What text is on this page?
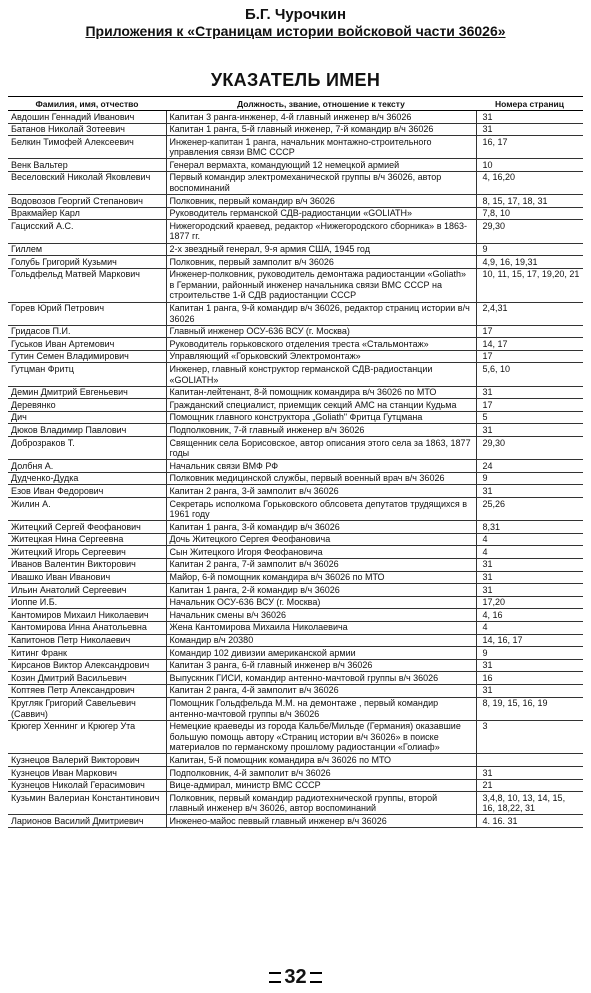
Б.Г. Чурочкин
Приложения к «Страницам истории войсковой части 36026»
УКАЗАТЕЛЬ ИМЕН
Фамилия, имя, отчество	Должность, звание, отношение к тексту	Номера страниц
Авдошин Геннадий Иванович	Капитан 3 ранга-инженер, 4-й главный инженер в/ч 36026	31
Батанов Николай Зотеевич	Капитан 1 ранга, 5-й главный инженер, 7-й командир в/ч 36026	31
Белкин Тимофей Алексеевич	Инженер-капитан 1 ранга, начальник монтажно-строительного управления связи ВМС СССР	16, 17
Венк Вальтер	Генерал вермахта, командующий 12 немецкой армией	10
Веселовский Николай Яковлевич	Первый командир электромеханической группы в/ч 36026, автор воспоминаний	4, 16,20
Водовозов Георгий Степанович	Полковник, первый командир в/ч 36026	8, 15, 17, 18, 31
Вракмайер Карл	Руководитель германской СДВ-радиостанции «GOLIATH»	7,8, 10
Гацисский А.С.	Нижегородский краевед, редактор «Нижегородского сборника» в 1863- 1877 гг.	29,30
Гиллем	2-х звездный генерал, 9-я армия США, 1945 год	9
Голубь Григорий Кузьмич	Полковник, первый замполит в/ч 36026	4,9, 16, 19,31
Гольдфельд Матвей Маркович	Инженер-полковник, руководитель демонтажа радиостанции «Goliath» в Германии, районный инженер начальника связи ВМС СССР на строительстве 1-й СДВ радиостанции СССР	10, 11, 15, 17, 19,20, 21
Горев Юрий Петрович	Капитан 1 ранга, 9-й командир в/ч 36026, редактор страниц истории в/ч 36026	2,4,31
Гридасов П.И.	Главный инженер ОСУ-636 ВСУ (г. Москва)	17
Гуськов Иван Артемович	Руководитель горьковского отделения треста «Стальмонтаж»	14, 17
Гутин Семен Владимирович	Управляющий «Горьковский Электромонтаж»	17
Гутцман Фритц	Инженер, главный конструктор германской СДВ-радиостанции «GOLIATH»	5,6, 10
Демин Дмитрий Евгеньевич	Капитан-лейтенант, 8-й помощник командира в/ч 36026 по МТО	31
Деревянко	Гражданский специалист, приемщик секций АМС на станции Кудьма	17
Дич	Помощник главного конструктора „Goliath" Фритца Гутцмана	5
Дюков Владимир Павлович	Подполковник, 7-й главный инженер в/ч 36026	31
Доброзраков Т.	Священник села Борисовское, автор описания этого села за 1863, 1877 годы	29,30
Долбня А.	Начальник связи ВМФ РФ	24
Дудченко-Дудка	Полковник медицинской службы, первый военный врач в/ч 36026	9
Езов Иван Федорович	Капитан 2 ранга, 3-й замполит в/ч 36026	31
Жилин А.	Секретарь исполкома Горьковского облсовета депутатов трудящихся в 1961 году	25,26
Житецкий Сергей Феофанович	Капитан 1 ранга, 3-й командир в/ч 36026	8,31
Житецкая Нина Сергеевна	Дочь Житецкого Сергея Феофановича	4
Житецкий Игорь Сергеевич	Сын Житецкого Игоря Феофановича	4
Иванов Валентин Викторович	Капитан 2 ранга, 7-й замполит в/ч 36026	31
Ивашко Иван Иванович	Майор, 6-й помощник командира в/ч 36026 по МТО	31
Ильин Анатолий Сергеевич	Капитан 1 ранга, 2-й командир в/ч 36026	31
Иоппе И.Б.	Начальник ОСУ-636 ВСУ (г. Москва)	17,20
Кантомиров Михаил Николаевич	Начальник смены в/ч 36026	4, 16
Кантомирова Инна Анатольевна	Жена Кантомирова Михаила Николаевича	4
Капитонов Петр Николаевич	Командир в/ч 20380	14, 16, 17
Китинг Франк	Командир 102 дивизии американской армии	9
Кирсанов Виктор Александрович	Капитан 3 ранга, 6-й главный инженер в/ч 36026	31
Козин Дмитрий Васильевич	Выпускник ГИСИ, командир антенно-мачтовой группы в/ч 36026	16
Коптяев Петр Александрович	Капитан 2 ранга, 4-й замполит в/ч 36026	31
Кругляк Григорий Савельевич (Саввич)	Помощник Гольдфельда М.М. на демонтаже , первый командир антенно-мачтовой группы в/ч 36026	8, 19, 15, 16, 19
Крюгер Хеннинг и Крюгер Ута	Немецкие краеведы из города Кальбе/Мильде (Германия) оказавшие большую помощь автору «Страниц истории в/ч 36026» в поиске материалов по германскому прошлому радиостанции «Голиаф»	3
Кузнецов Валерий Викторович	Капитан, 5-й помощник командира в/ч 36026 по МТО	
Кузнецов Иван Маркович	Подполковник, 4-й замполит в/ч 36026	31
Кузнецов Николай Герасимович	Вице-адмирал, министр ВМС СССР	21
Кузьмин Валериан Константинович	Полковник, первый командир радиотехнической группы, второй главный инженер в/ч 36026, автор воспоминаний	3,4,8, 10, 13, 14, 15, 16, 18,22, 31
Ларионов Василий Дмитриевич	Инженео-майос певвый главный инженер в/ч 36026	4. 16. 31
32
